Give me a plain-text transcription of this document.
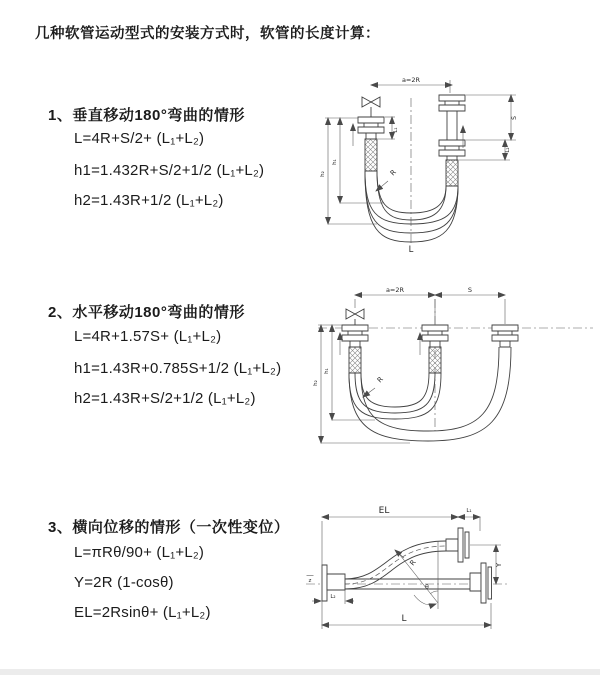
几种软管运动型式的安装方式时，软管的长度计算：
1、垂直移动180°弯曲的情形
L=4R+S/2+ (L₁+L₂)
h1=1.432R+S/2+1/2 (L₁+L₂)
h2=1.43R+1/2 (L₁+L₂)
2、水平移动180°弯曲的情形
L=4R+1.57S+ (L₁+L₂)
h1=1.43R+0.785S+1/2 (L₁+L₂)
h2=1.43R+S/2+1/2 (L₁+L₂)
3、横向位移的情形（一次性变位）
L=πRθ/90+ (L₁+L₂)
Y=2R (1-cosθ)
EL=2Rsinθ+ (L₁+L₂)
a=2R
L₁
S
L₂
h₁
h₂	R
L
a=2R	S
h₁
h₂	R
EL	L₁
Y
L₂
L
R
θ
z
